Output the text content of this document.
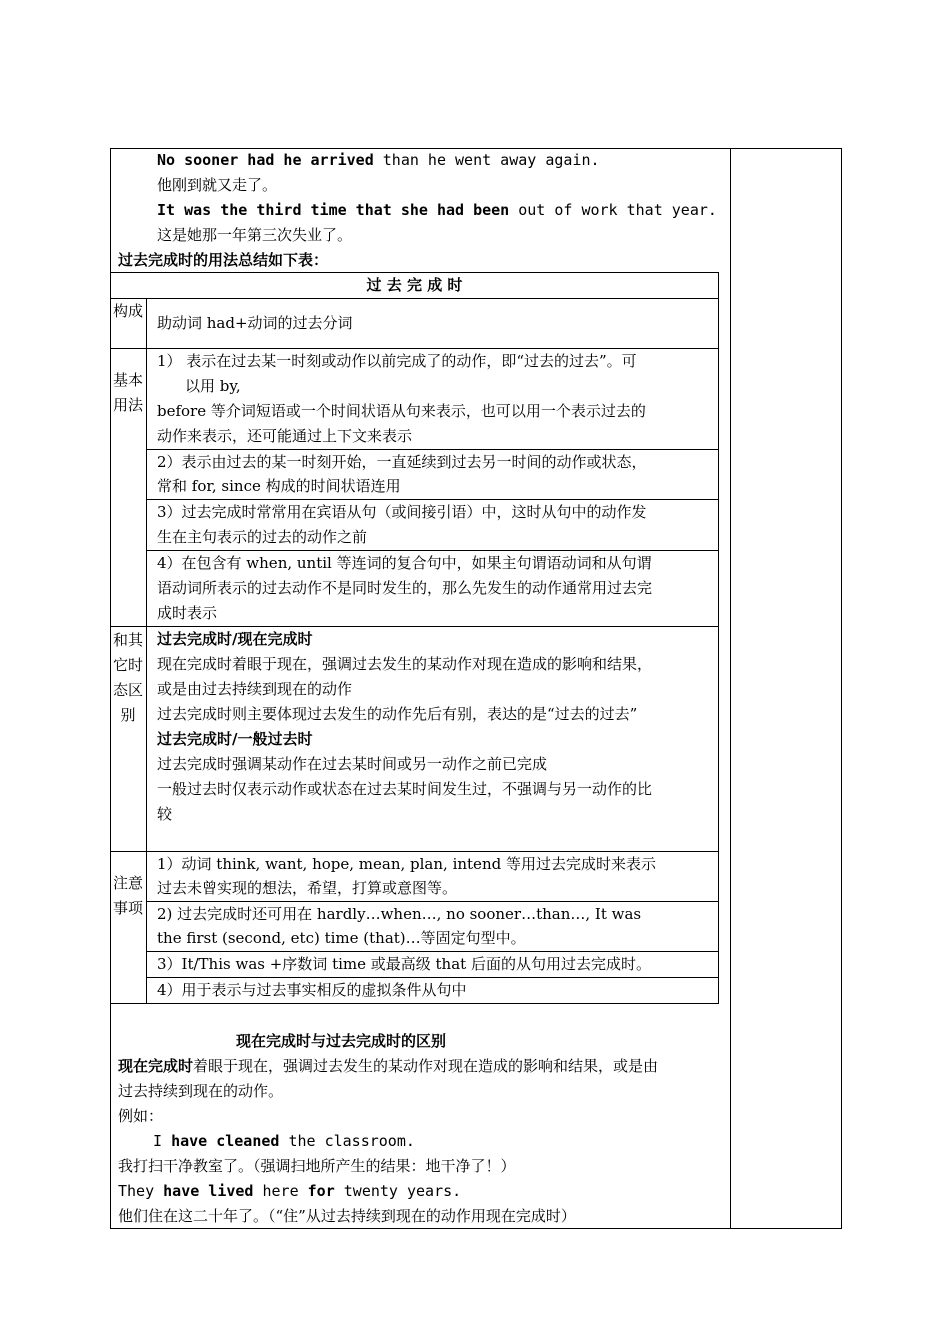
No sooner had he arrived than he went away again.
他刚到就又走了。
It was the third time that she had been out of work that year.
这是她那一年第三次失业了。
过去完成时的用法总结如下表：
过 去 完 成 时
构成
助动词 had+动词的过去分词
基本用法
1） 表示在过去某一时刻或动作以前完成了的动作，即“过去的过去”。可
以用 by,
before 等介词短语或一个时间状语从句来表示，也可以用一个表示过去的
动作来表示，还可能通过上下文来表示
2）表示由过去的某一时刻开始，一直延续到过去另一时间的动作或状态，
常和 for, since 构成的时间状语连用
3）过去完成时常常用在宾语从句（或间接引语）中，这时从句中的动作发
生在主句表示的过去的动作之前
4）在包含有 when, until 等连词的复合句中，如果主句谓语动词和从句谓
语动词所表示的过去动作不是同时发生的，那么先发生的动作通常用过去完
成时表示
和其它时态区别
过去完成时/现在完成时
现在完成时着眼于现在，强调过去发生的某动作对现在造成的影响和结果，
或是由过去持续到现在的动作
过去完成时则主要体现过去发生的动作先后有别，表达的是“过去的过去”
过去完成时/一般过去时
过去完成时强调某动作在过去某时间或另一动作之前已完成
一般过去时仅表示动作或状态在过去某时间发生过，不强调与另一动作的比
较
注意事项
1）动词 think, want, hope, mean, plan, intend 等用过去完成时来表示
过去未曾实现的想法，希望，打算或意图等。
2) 过去完成时还可用在 hardly…when…, no sooner…than…, It was
the first (second, etc) time (that)…等固定句型中。
3）It/This was +序数词 time 或最高级 that 后面的从句用过去完成时。
4）用于表示与过去事实相反的虚拟条件从句中
现在完成时与过去完成时的区别
现在完成时着眼于现在，强调过去发生的某动作对现在造成的影响和结果，或是由
过去持续到现在的动作。
例如：
I have cleaned the classroom.
我打扫干净教室了。（强调扫地所产生的结果：地干净了！）
They have lived here for twenty years.
他们住在这二十年了。（“住”从过去持续到现在的动作用现在完成时）
